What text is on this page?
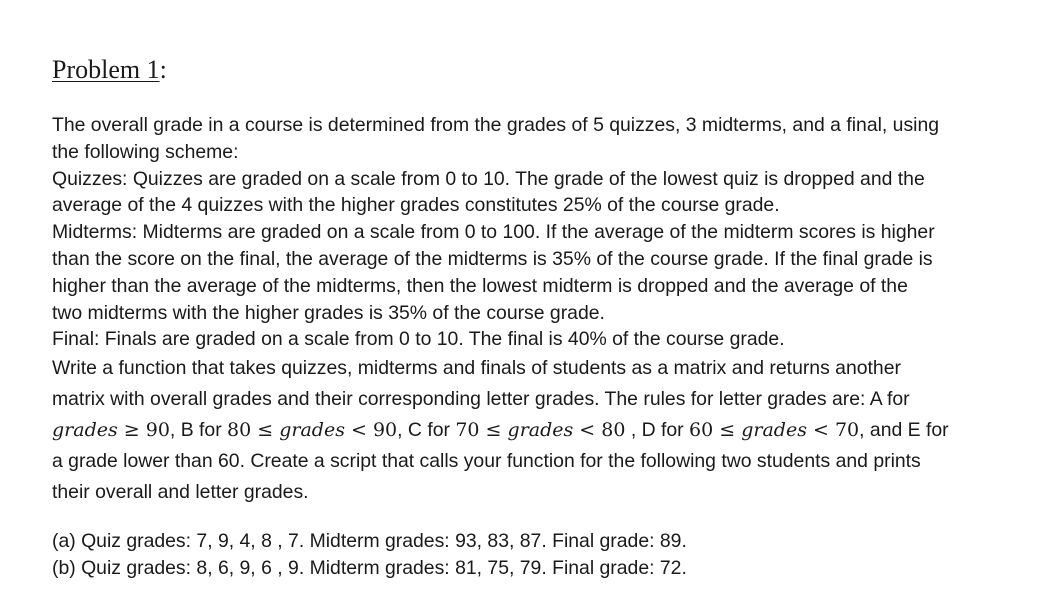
Problem 1:

The overall grade in a course is determined from the grades of 5 quizzes, 3 midterms, and a final, using

the following scheme:

Quizzes: Quizzes are graded on a scale from 0 to 10. The grade of the lowest quiz is dropped and the

average of the 4 quizzes with the higher grades constitutes 25% of the course grade.

Midterms: Midterms are graded on a scale from 0 to 100. If the average of the midterm scores is higher

than the score on the final, the average of the midterms is 35% of the course grade. If the final grade is

higher than the average of the midterms, then the lowest midterm is dropped and the average of the

two midterms with the higher grades is 35% of the course grade.

Final: Finals are graded on a scale from 0 to 10. The final is 40% of the course grade.

Write a function that takes quizzes, midterms and finals of students as a matrix and returns another

matrix with overall grades and their corresponding letter grades. The rules for letter grades are: A for

grades ≥ 90, B for 80 ≤ grades < 90, C for 70 ≤ grades < 80 , D for 60 ≤ grades < 70, and E for

a grade lower than 60. Create a script that calls your function for the following two students and prints

their overall and letter grades.

(a) Quiz grades: 7, 9, 4, 8 , 7. Midterm grades: 93, 83, 87. Final grade: 89.

(b) Quiz grades: 8, 6, 9, 6 , 9. Midterm grades: 81, 75, 79. Final grade: 72.
